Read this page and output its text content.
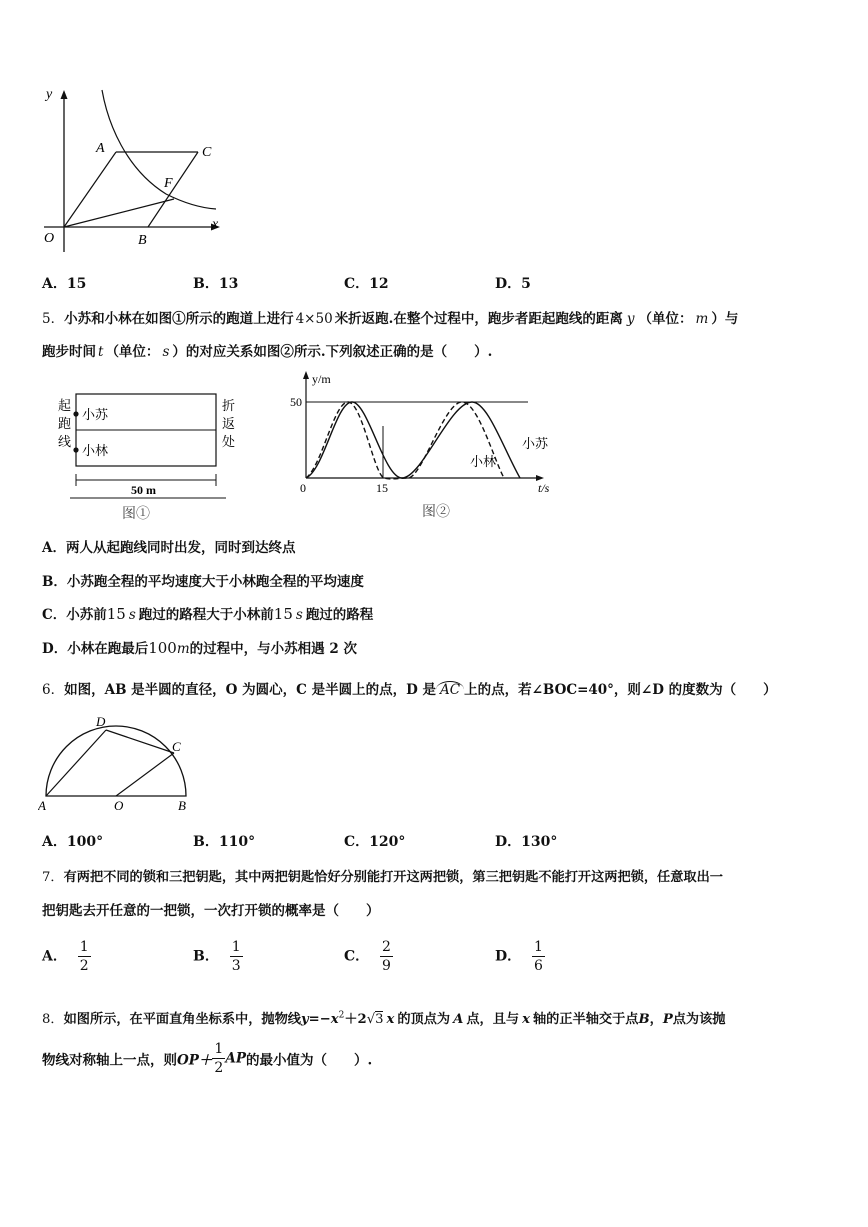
y
x
O
A	C
F
B
A．15	B．13	C．12	D．5
5．小苏和小林在如图①所示的跑道上进行 4×50 米折返跑.在整个过程中，跑步者距起跑线的距离 y （单位： m ）与
跑步时间 t （单位： s ）的对应关系如图②所示.下列叙述正确的是（　　）.
起
跑
线
折
返
处
小苏
小林
50 m
图①
y/m
t/s
0
50
15
小苏
小林
图②
A．两人从起跑线同时出发，同时到达终点
B．小苏跑全程的平均速度大于小林跑全程的平均速度
C．小苏前15 s 跑过的路程大于小林前15 s 跑过的路程
D．小林在跑最后100m的过程中，与小苏相遇 2 次
6．如图，AB 是半圆的直径，O 为圆心，C 是半圆上的点，D 是 AC 上的点，若∠BOC=40°，则∠D 的度数为（　　）
A	O	B
C
D
A．100°	B．110°	C．120°	D．130°
7．有两把不同的锁和三把钥匙，其中两把钥匙恰好分别能打开这两把锁，第三把钥匙不能打开这两把锁，任意取出一
把钥匙去开任意的一把锁，一次打开锁的概率是（　　）
A． $\frac{1}{2}$	B． $\frac{1}{3}$	C． $\frac{2}{9}$	D． $\frac{1}{6}$
8．如图所示，在平面直角坐标系中，抛物线$y=-x^2+2√3$ x 的顶点为 A 点，且与 x 轴的正半轴交于点B，P点为该抛
物线对称轴上一点，则$OP+ \frac{1}{2}$ AP的最小值为（　　）.
